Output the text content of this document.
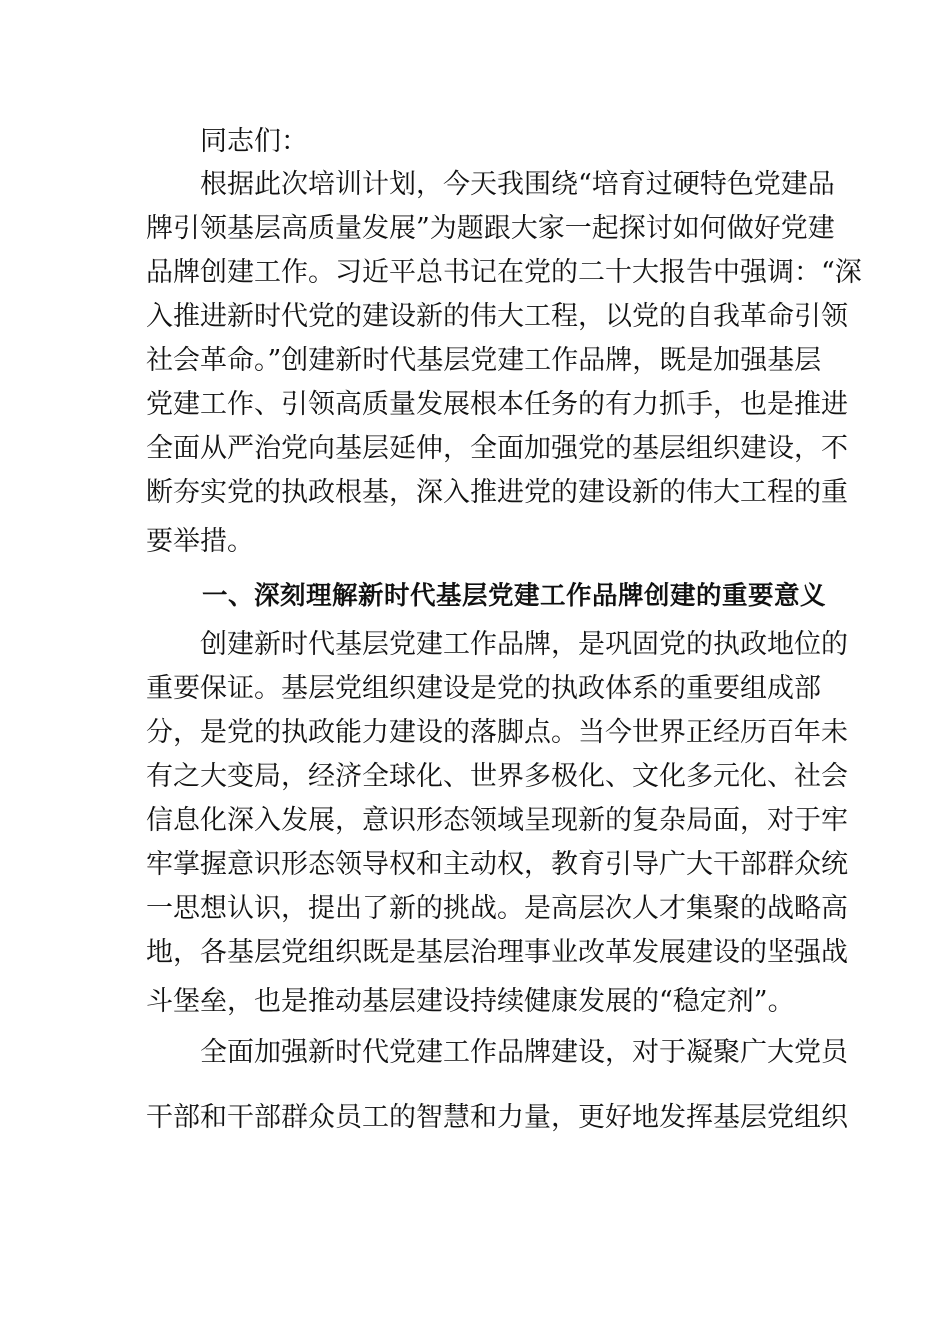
同志们：
根据此次培训计划，今天我围绕“培育过硬特色党建品
牌引领基层高质量发展”为题跟大家一起探讨如何做好党建
品牌创建工作。习近平总书记在党的二十大报告中强调：“深
入推进新时代党的建设新的伟大工程，以党的自我革命引领
社会革命。”创建新时代基层党建工作品牌，既是加强基层
党建工作、引领高质量发展根本任务的有力抓手，也是推进
全面从严治党向基层延伸，全面加强党的基层组织建设，不
断夯实党的执政根基，深入推进党的建设新的伟大工程的重
要举措。
一、深刻理解新时代基层党建工作品牌创建的重要意义
创建新时代基层党建工作品牌，是巩固党的执政地位的
重要保证。基层党组织建设是党的执政体系的重要组成部
分，是党的执政能力建设的落脚点。当今世界正经历百年未
有之大变局，经济全球化、世界多极化、文化多元化、社会
信息化深入发展，意识形态领域呈现新的复杂局面，对于牢
牢掌握意识形态领导权和主动权，教育引导广大干部群众统
一思想认识，提出了新的挑战。是高层次人才集聚的战略高
地，各基层党组织既是基层治理事业改革发展建设的坚强战
斗堡垒，也是推动基层建设持续健康发展的“稳定剂”。
全面加强新时代党建工作品牌建设，对于凝聚广大党员
干部和干部群众员工的智慧和力量，更好地发挥基层党组织
